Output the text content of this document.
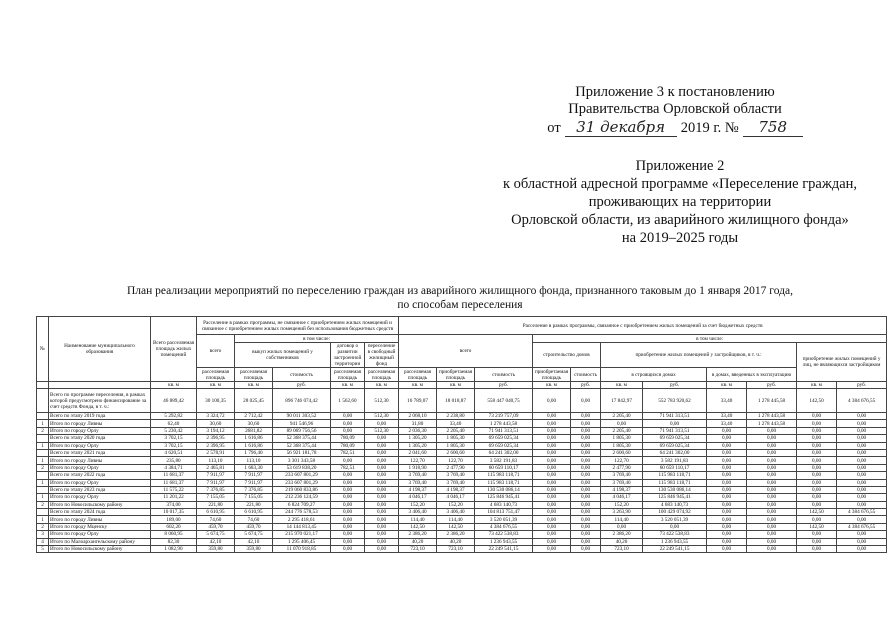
Приложение 3 к постановлению
Правительства Орловской области
от	31 декабря	2019 г. №	758
Приложение 2
к областной адресной программе «Переселение граждан,
проживающих на территории
Орловской области, из аварийного жилищного фонда»
на 2019–2025 годы
План реализации мероприятий по переселению граждан из аварийного жилищного фонда, признанного таковым до 1 января 2017 года,
по способам переселения
№	Наименование муниципального образования	Всего расселяемая площадь жилых помещений	Расселение в рамках программы, не связанное с приобретением жилых помещений и связанное с приобретением жилых помещений без использования бюджетных средств					Расселение в рамках программы, связанное с приобретением жилых помещений за счет бюджетных средств										
			всего	в том числе:				всего			в том числе:							
				выкуп жилых помещений у собственников		договор о развитии застроенной территории	переселение в свободный жилищный фонд				строительство домов		приобретение жилых помещений у застройщиков, в т. ч.:				приобретение жилых помещений у лиц, не являющихся застройщиком	
			расселяемая площадь	расселяемая площадь	стоимость	расселяемая площадь	расселяемая площадь	расселяемая площадь	приобретаемая площадь	стоимость	приобретаемая площадь	стоимость	в строящихся домах		в домах, введенных в эксплуатацию			
		кв. м	кв. м	кв. м	руб.	кв. м	кв. м	кв. м	кв. м	руб.	кв. м	руб.	кв. м	руб.	кв. м	руб.	кв. м	руб.
	Всего по программе переселения, в рамках которой предусмотрено финансирование за счет средств Фонда, в т. ч.:	46 889,42	30 100,35	28 025,45	896 746 074,42	1 562,60	512,30	16 789,07	18 018,87	558 447 040,75	0,00	0,00	17 842,97	552 783 920,62	33,40	1 278 445,58	142,50	4 384 676,55
	Всего по этапу 2019 года	5 292,82	3 324,72	2 712,42	90 011 303,52	0,00	512,30	2 068,10	2 238,80	73 219 757,09	0,00	0,00	2 205,40	71 941 313,51	33,40	1 278 443,58	0,00	0,00
1	Итого по городу Ливны	62,40	30,60	30,60	941 546,96	0,00	0,00	31,80	33,40	1 278 443,58	0,00	0,00	0,00	0,00	33,40	1 278 443,58	0,00	0,00
2	Итого по городу Орлу	5 230,42	3 194,12	2681,82	89 069 756,56	0,00	512,30	2 036,30	2 205,40	71 941 313,51	0,00	0,00	2 205,40	71 941 313,51	0,00	0,00	0,00	0,00
	Всего по этапу 2020 года	3 702,15	2 396,95	1 616,86	52 368 375,44	780,09	0,00	1 305,20	1 805,30	69 659 025,34	0,00	0,00	1 805,30	69 659 025,34	0,00	0,00	0,00	0,00
1	Итого по городу Орлу	3 702,15	2 396,95	1 616,86	52 368 375,44	780,09	0,00	1 305,20	1 805,30	69 659 025,34	0,00	0,00	1 805,30	69 659 025,34	0,00	0,00	0,00	0,00
	Всего по этапу 2021 года	4 620,51	2 578,91	1 796,40	56 921 181,78	782,51	0,00	2 041,60	2 600,60	64 241 302,00	0,00	0,00	2 600,60	64 241 302,00	0,00	0,00	0,00	0,00
1	Итого по городу Ливны	235,80	113,10	113,10	3 301 343,58	0,00	0,00	122,70	122,70	3 582 191,83	0,00	0,00	122,70	3 582 191,83	0,00	0,00	0,00	0,00
2	Итого по городу Орлу	4 384,71	2 465,81	1 683,30	53 619 838,20	782,51	0,00	1 918,90	2 477,90	60 659 110,17	0,00	0,00	2 477,90	60 659 110,17	0,00	0,00	0,00	0,00
	Всего по этапу 2022 года	11 681,37	7 911,97	7 911,97	233 607 801,29	0,00	0,00	3 769,40	3 769,40	115 983 118,71	0,00	0,00	3 769,40	115 983 118,71	0,00	0,00	0,00	0,00
1	Итого по городу Орлу	11 681,37	7 911,97	7 911,97	233 607 801,29	0,00	0,00	3 769,40	3 769,40	115 983 118,71	0,00	0,00	3 769,40	115 983 118,71	0,00	0,00	0,00	0,00
	Всего по этапу 2023 года	11 575,22	7 376,85	7 376,85	219 060 833,86	0,00	0,00	4 198,37	4 198,37	130 530 086,14	0,00	0,00	4 198,37	130 530 086,14	0,00	0,00	0,00	0,00
1	Итого по городу Орлу	11 201,22	7 155,05	7 155,05	212 236 124,59	0,00	0,00	4 046,17	4 046,17	125 846 945,41	0,00	0,00	4 046,17	125 846 945,41	0,00	0,00	0,00	0,00
2	Итого по Новосильскому району	374,00	221,80	221,80	6 824 709,27	0,00	0,00	152,20	152,20	4 683 140,73	0,00	0,00	152,20	4 683 140,73	0,00	0,00	0,00	0,00
	Всего по этапу 2024 года	10 017,35	6 610,95	6 610,95	244 776 578,53	0,00	0,00	3 406,40	3 406,40	104 813 751,47	0,00	0,00	3 263,90	100 429 074,92	0,00	0,00	142,50	4 384 676,55
1	Итого по городу Ливны	189,00	74,60	74,60	2 295 418,61	0,00	0,00	114,40	114,40	3 520 051,39	0,00	0,00	114,40	3 520 051,39	0,00	0,00	0,00	0,00
2	Итого по городу Мценску	602,20	459,70	459,70	14 144 813,45	0,00	0,00	142,50	142,50	4 384 676,55	0,00	0,00	0,00	0,00	0,00	0,00	142,50	4 384 676,55
3	Итого по городу Орлу	8 060,95	5 674,75	5 674,75	215 970 021,17	0,00	0,00	2 386,20	2 386,20	73 422 538,83	0,00	0,00	2 386,20	73 422 538,83	0,00	0,00	0,00	0,00
4	Итого по Малоархангельскому району	82,30	42,10	42,10	1 295 406,45	0,00	0,00	40,20	40,20	1 236 943,55	0,00	0,00	40,20	1 236 943,55	0,00	0,00	0,00	0,00
5	Итого по Новосильскому району	1 082,90	359,80	359,80	11 070 918,85	0,00	0,00	723,10	723,10	22 249 541,15	0,00	0,00	723,10	22 249 541,15	0,00	0,00	0,00	0,00
